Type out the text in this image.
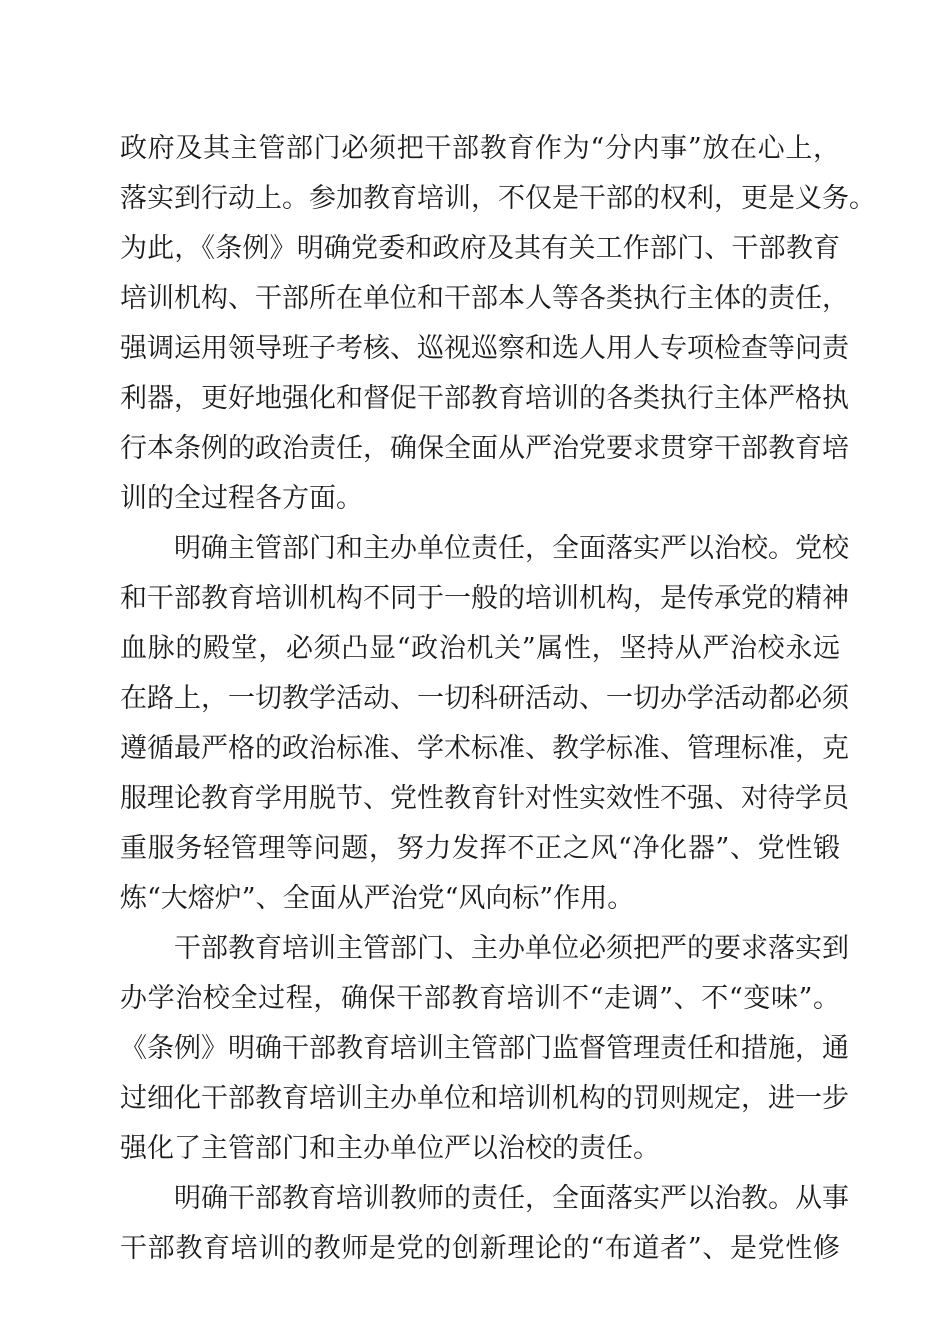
政府及其主管部门必须把干部教育作为“分内事”放在心上，
落实到行动上。参加教育培训，不仅是干部的权利，更是义务。
为此，《条例》明确党委和政府及其有关工作部门、干部教育
培训机构、干部所在单位和干部本人等各类执行主体的责任，
强调运用领导班子考核、巡视巡察和选人用人专项检查等问责
利器，更好地强化和督促干部教育培训的各类执行主体严格执
行本条例的政治责任，确保全面从严治党要求贯穿干部教育培
训的全过程各方面。
明确主管部门和主办单位责任，全面落实严以治校。党校
和干部教育培训机构不同于一般的培训机构，是传承党的精神
血脉的殿堂，必须凸显“政治机关”属性，坚持从严治校永远
在路上，一切教学活动、一切科研活动、一切办学活动都必须
遵循最严格的政治标准、学术标准、教学标准、管理标准，克
服理论教育学用脱节、党性教育针对性实效性不强、对待学员
重服务轻管理等问题，努力发挥不正之风“净化器”、党性锻
炼“大熔炉”、全面从严治党“风向标”作用。
干部教育培训主管部门、主办单位必须把严的要求落实到
办学治校全过程，确保干部教育培训不“走调”、不“变味”。
《条例》明确干部教育培训主管部门监督管理责任和措施，通
过细化干部教育培训主办单位和培训机构的罚则规定，进一步
强化了主管部门和主办单位严以治校的责任。
明确干部教育培训教师的责任，全面落实严以治教。从事
干部教育培训的教师是党的创新理论的“布道者”、是党性修
